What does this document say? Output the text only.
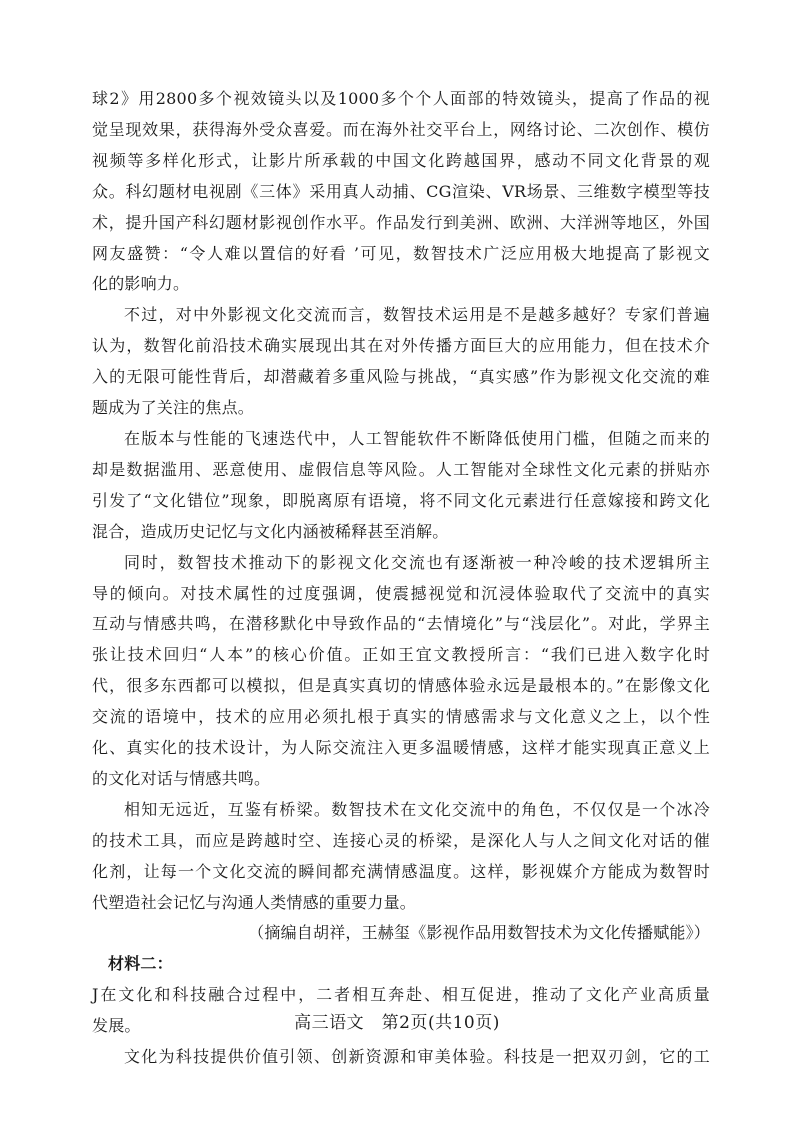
球2》用2800多个视效镜头以及1000多个个人面部的特效镜头，提高了作品的视

觉呈现效果，获得海外受众喜爱。而在海外社交平台上，网络讨论、二次创作、模仿

视频等多样化形式，让影片所承载的中国文化跨越国界，感动不同文化背景的观

众。科幻题材电视剧《三体》采用真人动捕、CG渲染、VR场景、三维数字模型等技

术，提升国产科幻题材影视创作水平。作品发行到美洲、欧洲、大洋洲等地区，外国

网友盛赞：“令人难以置信的好看 ’可见，数智技术广泛应用极大地提高了影视文

化的影响力。

不过，对中外影视文化交流而言，数智技术运用是不是越多越好？专家们普遍

认为，数智化前沿技术确实展现出其在对外传播方面巨大的应用能力，但在技术介

入的无限可能性背后，却潜藏着多重风险与挑战，“真实感”作为影视文化交流的难

题成为了关注的焦点。

在版本与性能的飞速迭代中，人工智能软件不断降低使用门槛，但随之而来的

却是数据滥用、恶意使用、虚假信息等风险。人工智能对全球性文化元素的拼贴亦

引发了“文化错位”现象，即脱离原有语境，将不同文化元素进行任意嫁接和跨文化

混合，造成历史记忆与文化内涵被稀释甚至消解。

同时，数智技术推动下的影视文化交流也有逐渐被一种冷峻的技术逻辑所主

导的倾向。对技术属性的过度强调，使震撼视觉和沉浸体验取代了交流中的真实

互动与情感共鸣，在潜移默化中导致作品的“去情境化”与“浅层化”。对此，学界主

张让技术回归“人本”的核心价值。正如王宜文教授所言：“我们已进入数字化时

代，很多东西都可以模拟，但是真实真切的情感体验永远是最根本的。”在影像文化

交流的语境中，技术的应用必须扎根于真实的情感需求与文化意义之上，以个性

化、真实化的技术设计，为人际交流注入更多温暖情感，这样才能实现真正意义上

的文化对话与情感共鸣。

相知无远近，互鉴有桥梁。数智技术在文化交流中的角色，不仅仅是一个冰冷

的技术工具，而应是跨越时空、连接心灵的桥梁，是深化人与人之间文化对话的催

化剂，让每一个文化交流的瞬间都充满情感温度。这样，影视媒介方能成为数智时

代塑造社会记忆与沟通人类情感的重要力量。

（摘编自胡祥，王赫玺《影视作品用数智技术为文化传播赋能》）

材料二：

J在文化和科技融合过程中，二者相互奔赴、相互促进，推动了文化产业高质量

发展。

文化为科技提供价值引领、创新资源和审美体验。科技是一把双刃剑，它的工

高三语文　第2页(共10页)
